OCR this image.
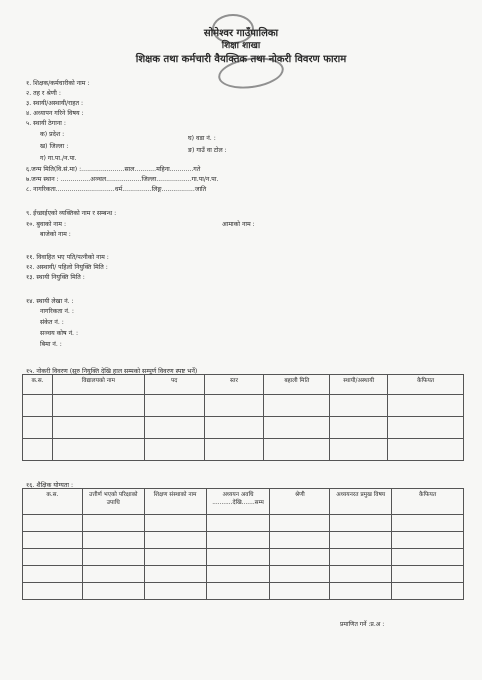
सोमेश्वर गाउँपालिका
शिक्षा शाखा
शिक्षक तथा कर्मचारी वैयक्तिक तथा नोकरी विवरण फाराम
१. शिक्षक/कर्मचारीको नाम :
२. तह र श्रेणी :
३. स्थायी/अस्थायी/राहत :
४. अध्यापन गरिने विषय :
५. स्थायी ठेगाना :
क) प्रदेश :
ख) जिल्ला :
ग) गा.पा./न.पा.
घ) वडा नं. :
ङ) गाउँ वा टोल :
६.जन्म मिति(वि.सं.मा) :......................साल...........महिना............गते
७.जन्म स्थान : ...............अञ्चल..................जिल्ला..................गा.पा/न.पा.
८. नागरिकता..............................धर्म...............लिङ्ग.................जाति
९. ईच्छाईएको व्यक्तिको नाम र सम्बन्ध :
१०. बुवाको नाम :
बाजेको नाम :
आमाको नाम :
११. विवाहित भए पति/पत्नीको नाम :
१२. अस्थायी/ पहिलो नियुक्ति मिति :
१३. स्थायी नियुक्ति मिति :
१४. स्थायी लेखा नं. :
नागरिकता नं. :
संकेत नं. :
सञ्चय कोष नं. :
बिमा नं. :
१५. नोकरी विवरण (सुरु नियुक्ति देखि हाल सम्मको सम्पूर्ण विवरण स्पष्ट भर्ने)
क.स.	विद्यालयको नाम	पद	स्तर	बहाली मिति	स्थायी/अस्थायी	कैफियत

१६. शैक्षिक योग्यता :
क.स.	उत्तीर्ण भएको परिक्षाको उपाधि	शिक्षण संस्थाको नाम	अध्ययन अवधि ...........देखि.......सम्म	श्रेणी	अध्ययनरत प्रमुख विषय	कैफियत

प्रमाणित गर्ने :प्र.अ :
